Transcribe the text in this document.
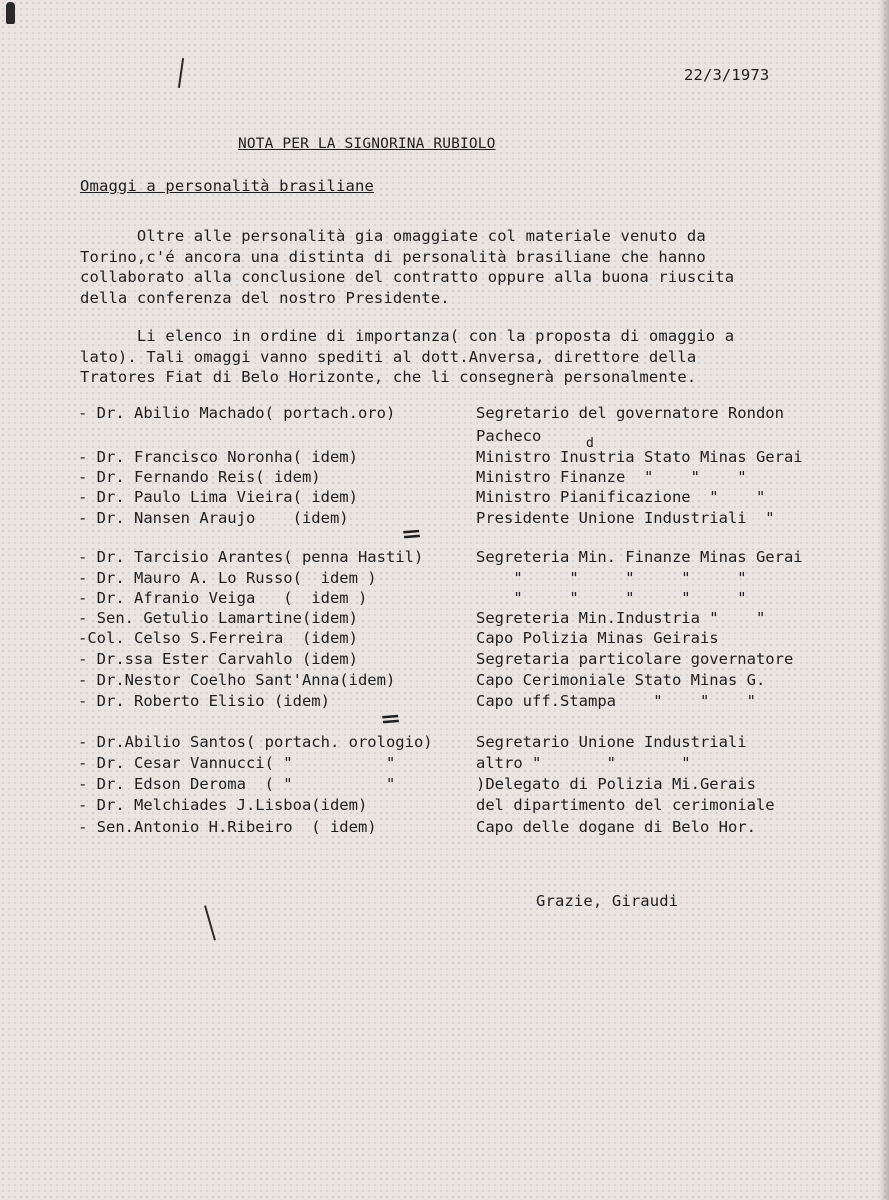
22/3/1973
NOTA PER LA SIGNORINA RUBIOLO
Omaggi a personalità brasiliane
Oltre alle personalità gia omaggiate col materiale venuto da
Torino,c'é ancora una distinta di personalità brasiliane che hanno
collaborato alla conclusione del contratto oppure alla buona riuscita
della conferenza del nostro Presidente.
Li elenco in ordine di importanza( con la proposta di omaggio a
lato). Tali omaggi vanno spediti al dott.Anversa, direttore della
Tratores Fiat di Belo Horizonte, che li consegnerà personalmente.
- Dr. Abilio Machado( portach.oro)	Segretario del governatore Rondon
Pacheco
- Dr. Francisco Noronha( idem)	Ministro Inustria Stato Minas Gerai
- Dr. Fernando Reis( idem)	Ministro Finanze  "    "    "
- Dr. Paulo Lima Vieira( idem)	Ministro Pianificazione  "    "
- Dr. Nansen Araujo    (idem)	Presidente Unione Industriali  "
=
- Dr. Tarcisio Arantes( penna Hastil)	Segreteria Min. Finanze Minas Gerai
- Dr. Mauro A. Lo Russo(  idem )	"     "     "     "     "
- Dr. Afranio Veiga   (  idem )	"     "     "     "     "
- Sen. Getulio Lamartine(idem)	Segreteria Min.Industria "    "
-Col. Celso S.Ferreira  (idem)	Capo Polizia Minas Geirais
- Dr.ssa Ester Carvahlo (idem)	Segretaria particolare governatore
- Dr.Nestor Coelho Sant'Anna(idem)	Capo Cerimoniale Stato Minas G.
- Dr. Roberto Elisio (idem)	Capo uff.Stampa    "    "    "
=
- Dr.Abilio Santos( portach. orologio)	Segretario Unione Industriali
- Dr. Cesar Vannucci( "          "	altro "       "       "
- Dr. Edson Deroma  ( "          "	)Delegato di Polizia Mi.Gerais
- Dr. Melchiades J.Lisboa(idem)	del dipartimento del cerimoniale
- Sen.Antonio H.Ribeiro  ( idem)	Capo delle dogane di Belo Hor.
d
Grazie, Giraudi
